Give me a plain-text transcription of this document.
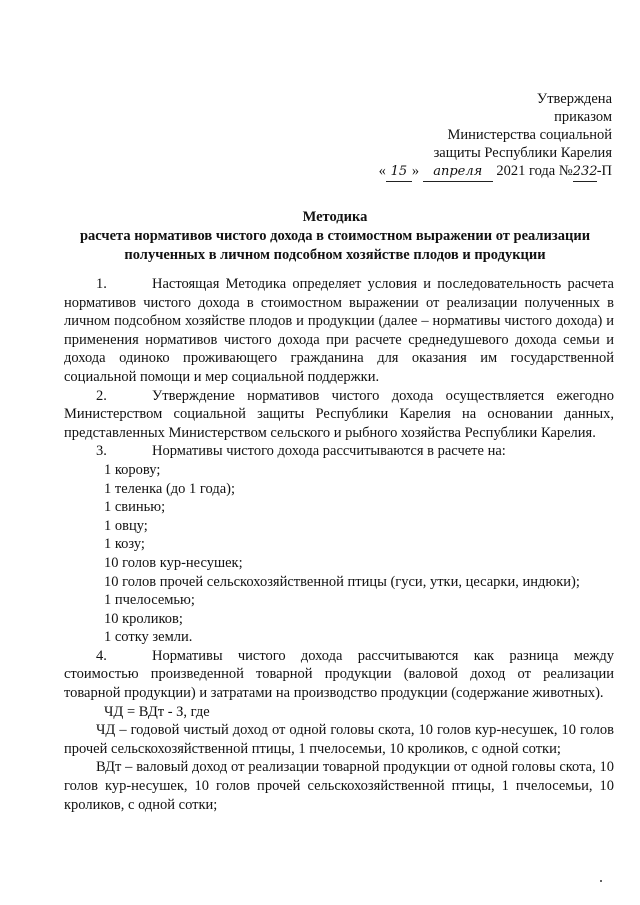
Утверждена
приказом
Министерства социальной
защиты Республики Карелия
« 15 » апреля 2021 года №232-П
Методика
расчета нормативов чистого дохода в стоимостном выражении от реализации
полученных в личном подсобном хозяйстве плодов и продукции

1.	Настоящая Методика определяет условия и последовательность расчета нормативов чистого дохода в стоимостном выражении от реализации полученных в личном подсобном хозяйстве плодов и продукции (далее – нормативы чистого дохода) и применения нормативов чистого дохода при расчете среднедушевого дохода семьи и дохода одиноко проживающего гражданина для оказания им государственной социальной помощи и мер социальной поддержки.

2.	Утверждение нормативов чистого дохода осуществляется ежегодно Министерством социальной защиты Республики Карелия на основании данных, представленных Министерством сельского и рыбного хозяйства Республики Карелия.

3.	Нормативы чистого дохода рассчитываются в расчете на:

1 корову;

1 теленка (до 1 года);

1 свинью;

1 овцу;

1 козу;

10 голов кур-несушек;

10 голов прочей сельскохозяйственной птицы (гуси, утки, цесарки, индюки);

1 пчелосемью;

10 кроликов;

1 сотку земли.

4.	Нормативы чистого дохода рассчитываются как разница между стоимостью произведенной товарной продукции (валовой доход от реализации товарной продукции) и затратами на производство продукции (содержание животных).

ЧД = ВДт - З, где

ЧД – годовой чистый доход от одной головы скота, 10 голов кур-несушек, 10 голов прочей сельскохозяйственной птицы, 1 пчелосемьи, 10 кроликов, с одной сотки;

ВДт – валовый доход от реализации товарной продукции от одной головы скота, 10 голов кур-несушек, 10 голов прочей сельскохозяйственной птицы, 1 пчелосемьи, 10 кроликов, с одной сотки;
